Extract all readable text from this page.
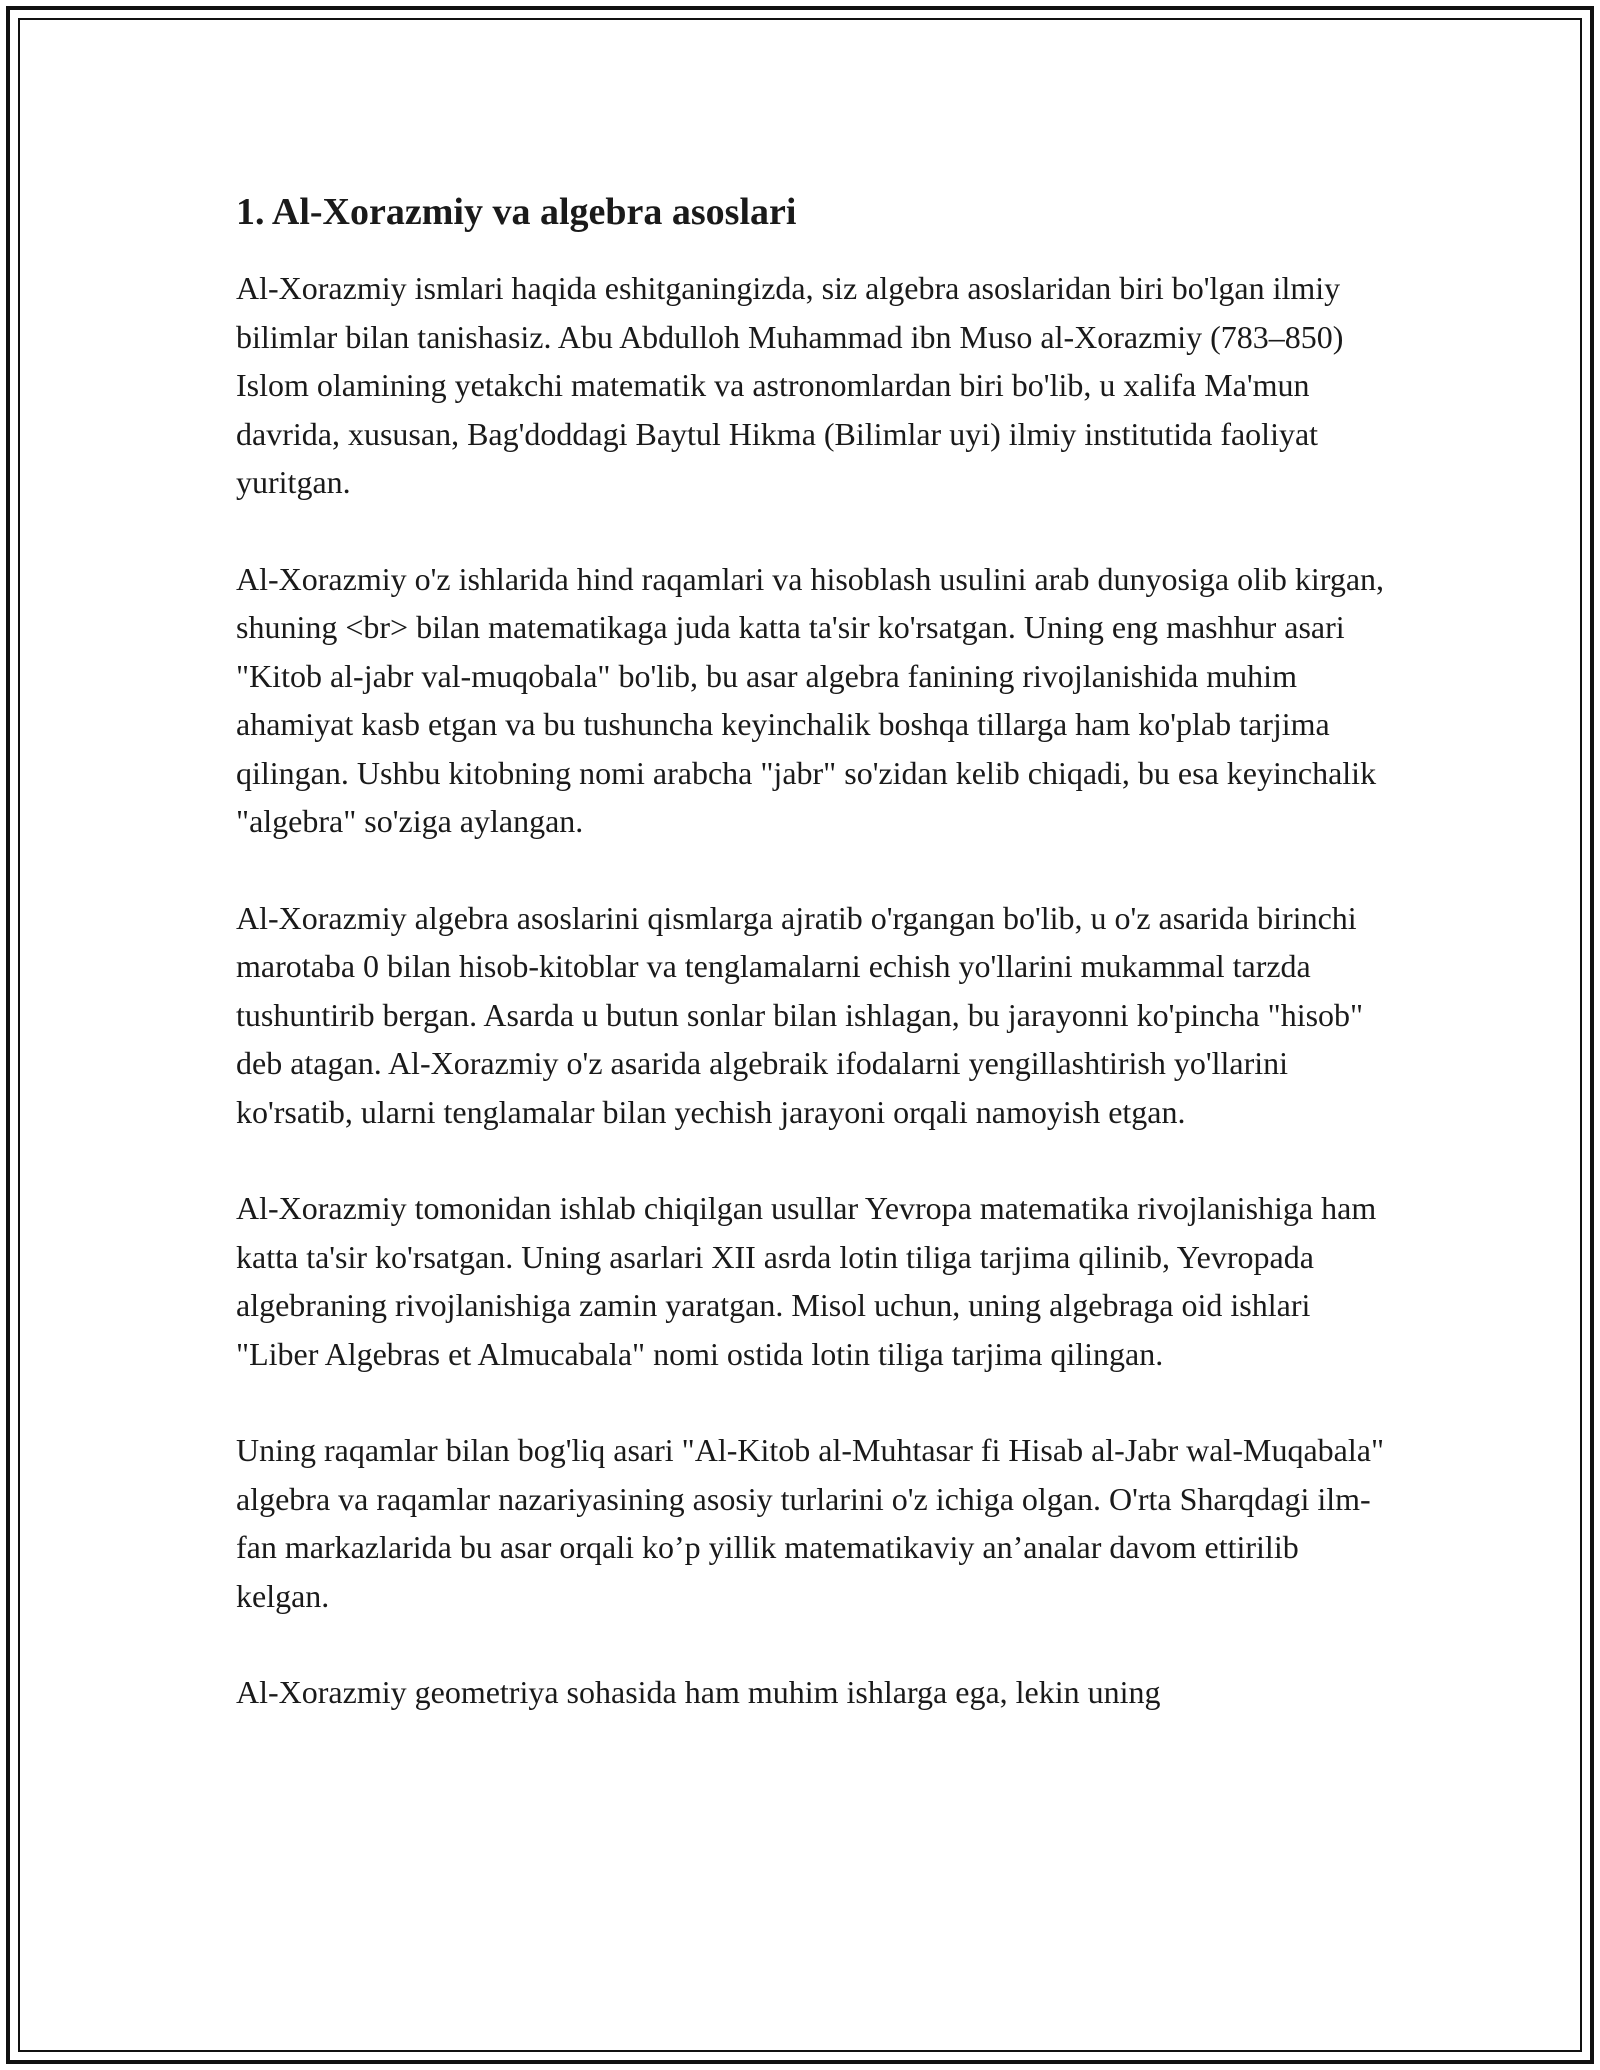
1. Al-Xorazmiy va algebra asoslari

Al-Xorazmiy ismlari haqida eshitganingizda, siz algebra asoslaridan biri bo'lgan ilmiy bilimlar bilan tanishasiz. Abu Abdulloh Muhammad ibn Muso al-Xorazmiy (783–850) Islom olamining yetakchi matematik va astronomlardan biri bo'lib, u xalifa Ma'mun davrida, xususan, Bag'doddagi Baytul Hikma (Bilimlar uyi) ilmiy institutida faoliyat yuritgan.

Al-Xorazmiy o'z ishlarida hind raqamlari va hisoblash usulini arab dunyosiga olib kirgan, shuning <br> bilan matematikaga juda katta ta'sir ko'rsatgan. Uning eng mashhur asari "Kitob al-jabr val-muqobala" bo'lib, bu asar algebra fanining rivojlanishida muhim ahamiyat kasb etgan va bu tushuncha keyinchalik boshqa tillarga ham ko'plab tarjima qilingan. Ushbu kitobning nomi arabcha "jabr" so'zidan kelib chiqadi, bu esa keyinchalik "algebra" so'ziga aylangan.

Al-Xorazmiy algebra asoslarini qismlarga ajratib o'rgangan bo'lib, u o'z asarida birinchi marotaba 0 bilan hisob-kitoblar va tenglamalarni echish yo'llarini mukammal tarzda tushuntirib bergan. Asarda u butun sonlar bilan ishlagan, bu jarayonni ko'pincha "hisob" deb atagan. Al-Xorazmiy o'z asarida algebraik ifodalarni yengillashtirish yo'llarini ko'rsatib, ularni tenglamalar bilan yechish jarayoni orqali namoyish etgan.

Al-Xorazmiy tomonidan ishlab chiqilgan usullar Yevropa matematika rivojlanishiga ham katta ta'sir ko'rsatgan. Uning asarlari XII asrda lotin tiliga tarjima qilinib, Yevropada algebraning rivojlanishiga zamin yaratgan. Misol uchun, uning algebraga oid ishlari "Liber Algebras et Almucabala" nomi ostida lotin tiliga tarjima qilingan.

Uning raqamlar bilan bog'liq asari "Al-Kitob al-Muhtasar fi Hisab al-Jabr wal-Muqabala" algebra va raqamlar nazariyasining asosiy turlarini o'z ichiga olgan. O'rta Sharqdagi ilm-fan markazlarida bu asar orqali ko’p yillik matematikaviy an’analar davom ettirilib kelgan.

Al-Xorazmiy geometriya sohasida ham muhim ishlarga ega, lekin uning
